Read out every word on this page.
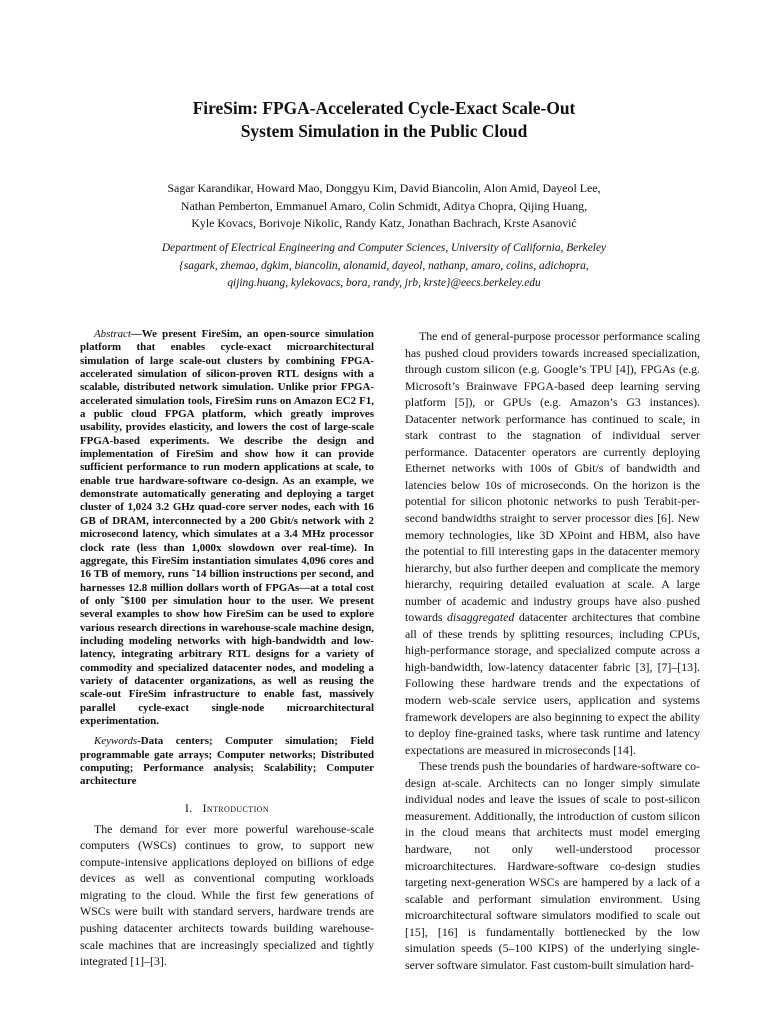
FireSim: FPGA-Accelerated Cycle-Exact Scale-Out
System Simulation in the Public Cloud
Sagar Karandikar, Howard Mao, Donggyu Kim, David Biancolin, Alon Amid, Dayeol Lee,
Nathan Pemberton, Emmanuel Amaro, Colin Schmidt, Aditya Chopra, Qijing Huang,
Kyle Kovacs, Borivoje Nikolic, Randy Katz, Jonathan Bachrach, Krste Asanović
Department of Electrical Engineering and Computer Sciences, University of California, Berkeley
{sagark, zhemao, dgkim, biancolin, alonamid, dayeol, nathanp, amaro, colins, adichopra,
qijing.huang, kylekovacs, bora, randy, jrb, krste}@eecs.berkeley.edu

Abstract—We present FireSim, an open-source simulation platform that enables cycle-exact microarchitectural simulation of large scale-out clusters by combining FPGA-accelerated simulation of silicon-proven RTL designs with a scalable, distributed network simulation. Unlike prior FPGA-accelerated simulation tools, FireSim runs on Amazon EC2 F1, a public cloud FPGA platform, which greatly improves usability, provides elasticity, and lowers the cost of large-scale FPGA-based experiments. We describe the design and implementation of FireSim and show how it can provide sufficient performance to run modern applications at scale, to enable true hardware-software co-design. As an example, we demonstrate automatically generating and deploying a target cluster of 1,024 3.2 GHz quad-core server nodes, each with 16 GB of DRAM, interconnected by a 200 Gbit/s network with 2 microsecond latency, which simulates at a 3.4 MHz processor clock rate (less than 1,000x slowdown over real-time). In aggregate, this FireSim instantiation simulates 4,096 cores and 16 TB of memory, runs ˜14 billion instructions per second, and harnesses 12.8 million dollars worth of FPGAs—at a total cost of only ˜$100 per simulation hour to the user. We present several examples to show how FireSim can be used to explore various research directions in warehouse-scale machine design, including modeling networks with high-bandwidth and low-latency, integrating arbitrary RTL designs for a variety of commodity and specialized datacenter nodes, and modeling a variety of datacenter organizations, as well as reusing the scale-out FireSim infrastructure to enable fast, massively parallel cycle-exact single-node microarchitectural experimentation.

Keywords-Data centers; Computer simulation; Field programmable gate arrays; Computer networks; Distributed computing; Performance analysis; Scalability; Computer architecture

I. Introduction

The demand for ever more powerful warehouse-scale computers (WSCs) continues to grow, to support new compute-intensive applications deployed on billions of edge devices as well as conventional computing workloads migrating to the cloud. While the first few generations of WSCs were built with standard servers, hardware trends are pushing datacenter architects towards building warehouse-scale machines that are increasingly specialized and tightly integrated [1]–[3].

The end of general-purpose processor performance scaling has pushed cloud providers towards increased specialization, through custom silicon (e.g. Google’s TPU [4]), FPGAs (e.g. Microsoft’s Brainwave FPGA-based deep learning serving platform [5]), or GPUs (e.g. Amazon’s G3 instances). Datacenter network performance has continued to scale, in stark contrast to the stagnation of individual server performance. Datacenter operators are currently deploying Ethernet networks with 100s of Gbit/s of bandwidth and latencies below 10s of microseconds. On the horizon is the potential for silicon photonic networks to push Terabit-per-second bandwidths straight to server processor dies [6]. New memory technologies, like 3D XPoint and HBM, also have the potential to fill interesting gaps in the datacenter memory hierarchy, but also further deepen and complicate the memory hierarchy, requiring detailed evaluation at scale. A large number of academic and industry groups have also pushed towards disaggregated datacenter architectures that combine all of these trends by splitting resources, including CPUs, high-performance storage, and specialized compute across a high-bandwidth, low-latency datacenter fabric [3], [7]–[13]. Following these hardware trends and the expectations of modern web-scale service users, application and systems framework developers are also beginning to expect the ability to deploy fine-grained tasks, where task runtime and latency expectations are measured in microseconds [14].

These trends push the boundaries of hardware-software co-design at-scale. Architects can no longer simply simulate individual nodes and leave the issues of scale to post-silicon measurement. Additionally, the introduction of custom silicon in the cloud means that architects must model emerging hardware, not only well-understood processor microarchitectures. Hardware-software co-design studies targeting next-generation WSCs are hampered by a lack of a scalable and performant simulation environment. Using microarchitectural software simulators modified to scale out [15], [16] is fundamentally bottlenecked by the low simulation speeds (5–100 KIPS) of the underlying single-server software simulator. Fast custom-built simulation hard-
